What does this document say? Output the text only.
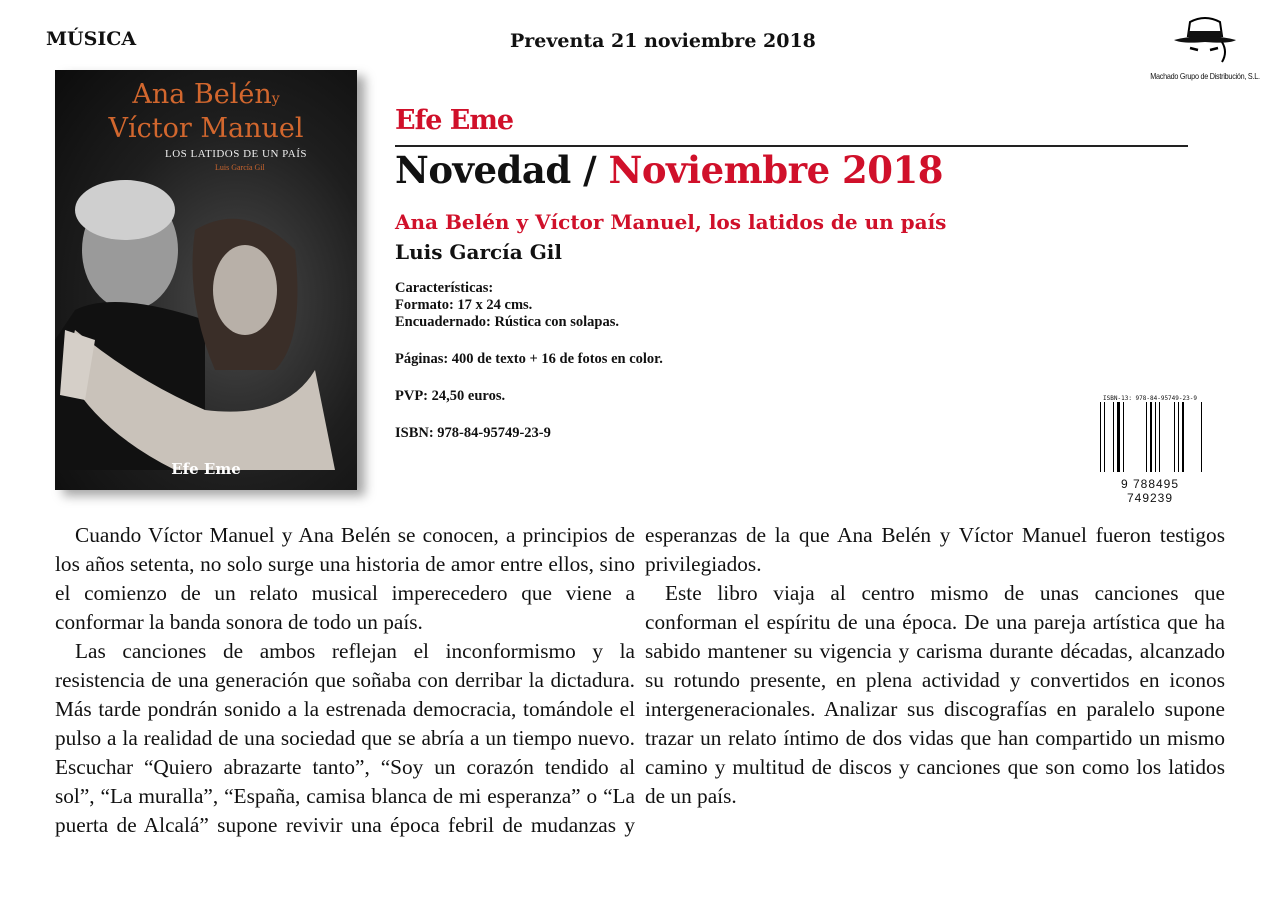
MÚSICA	Preventa 21 noviembre 2018
Machado Grupo de Distribución, S.L.
Ana Belény
Víctor Manuel
LOS LATIDOS DE UN PAÍS
Luis García Gil
Efe Eme
Efe Eme
Novedad / Noviembre 2018
Ana Belén y Víctor Manuel, los latidos de un país
Luis García Gil
Características:
Formato: 17 x 24 cms.
Encuadernado: Rústica con solapas.
Páginas: 400 de texto + 16 de fotos en color.
PVP: 24,50 euros.
ISBN: 978-84-95749-23-9
ISBN-13: 978-84-95749-23-9
9 788495 749239

Cuando Víctor Manuel y Ana Belén se conocen, a principios de los años setenta, no solo surge una historia de amor entre ellos, sino el comienzo de un relato musical imperecedero que viene a conformar la banda sonora de todo un país.

Las canciones de ambos reflejan el inconformismo y la resistencia de una generación que soñaba con derribar la dictadura. Más tarde pondrán sonido a la estrenada democracia, tomándole el pulso a la realidad de una sociedad que se abría a un tiempo nuevo. Escuchar “Quiero abrazarte tanto”, “Soy un corazón tendido al sol”, “La muralla”, “España, camisa blanca de mi esperanza” o “La puerta de Alcalá” supone revivir una época febril de mudanzas y esperanzas de la que Ana Belén y Víctor Manuel fueron testigos privilegiados.

Este libro viaja al centro mismo de unas canciones que conforman el espíritu de una época. De una pareja artística que ha sabido mantener su vigencia y carisma durante décadas, alcanzado su rotundo presente, en plena actividad y convertidos en iconos intergeneracionales. Analizar sus discografías en paralelo supone trazar un relato íntimo de dos vidas que han compartido un mismo camino y multitud de discos y canciones que son como los latidos de un país.
